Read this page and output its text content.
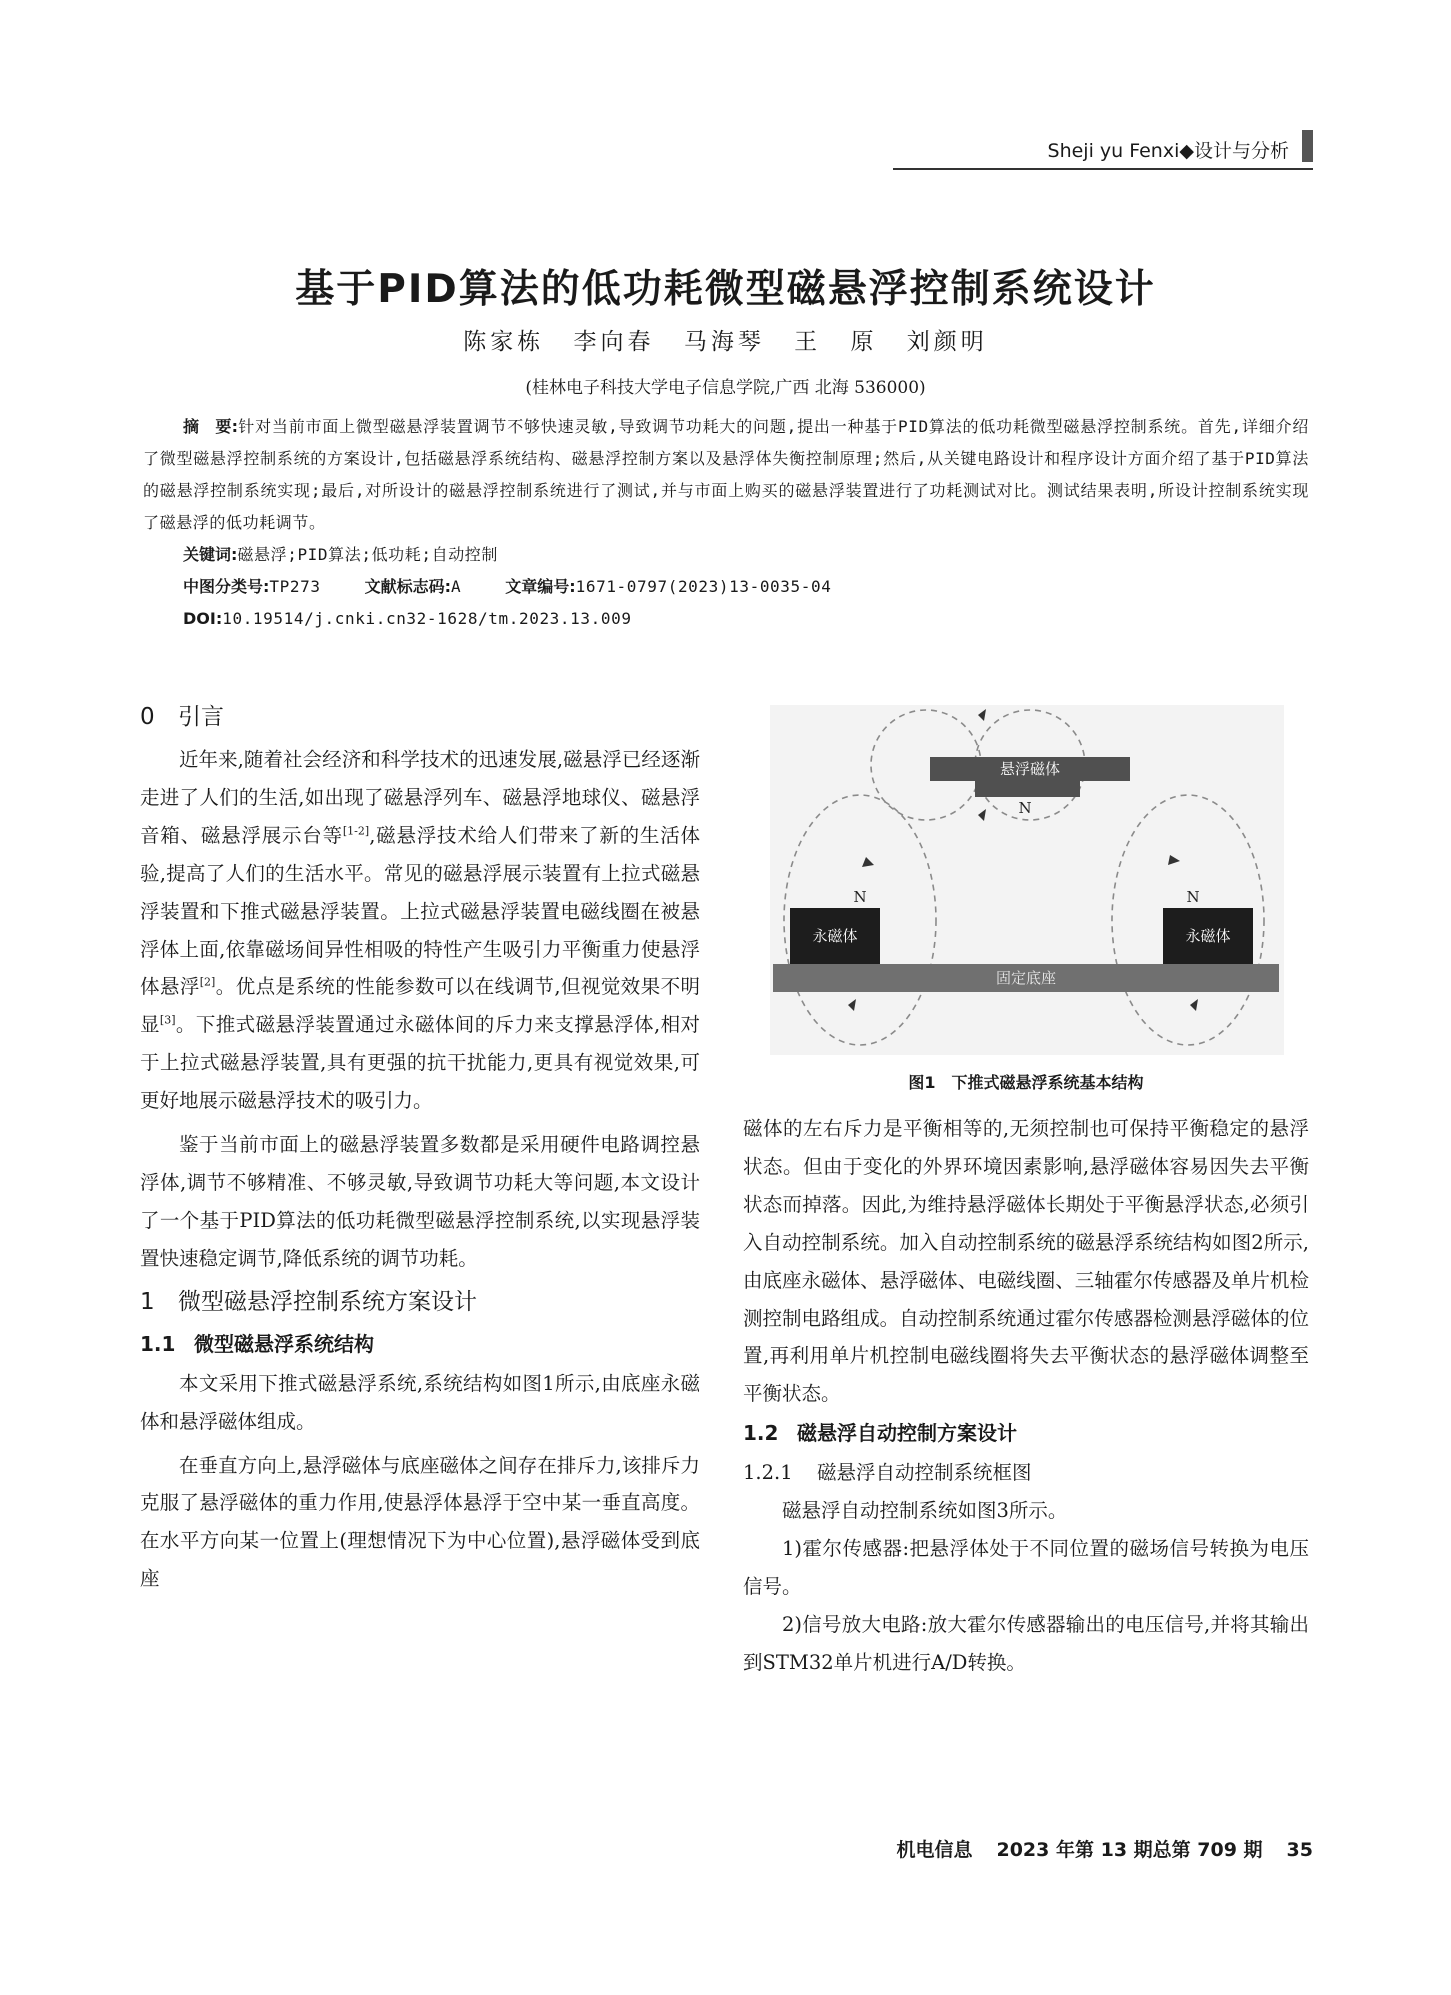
Sheji yu Fenxi◆设计与分析
基于PID算法的低功耗微型磁悬浮控制系统设计
陈家栋 李向春 马海琴 王 原 刘颜明
(桂林电子科技大学电子信息学院,广西 北海 536000)
摘　要:针对当前市面上微型磁悬浮装置调节不够快速灵敏,导致调节功耗大的问题,提出一种基于PID算法的低功耗微型磁悬浮控制系统。首先,详细介绍了微型磁悬浮控制系统的方案设计,包括磁悬浮系统结构、磁悬浮控制方案以及悬浮体失衡控制原理;然后,从关键电路设计和程序设计方面介绍了基于PID算法的磁悬浮控制系统实现;最后,对所设计的磁悬浮控制系统进行了测试,并与市面上购买的磁悬浮装置进行了功耗测试对比。测试结果表明,所设计控制系统实现了磁悬浮的低功耗调节。
关键词:磁悬浮;PID算法;低功耗;自动控制
中图分类号:TP273	文献标志码:A	文章编号:1671-0797(2023)13-0035-04
DOI:10.19514/j.cnki.cn32-1628/tm.2023.13.009
0 引言

近年来,随着社会经济和科学技术的迅速发展,磁悬浮已经逐渐走进了人们的生活,如出现了磁悬浮列车、磁悬浮地球仪、磁悬浮音箱、磁悬浮展示台等[1-2],磁悬浮技术给人们带来了新的生活体验,提高了人们的生活水平。常见的磁悬浮展示装置有上拉式磁悬浮装置和下推式磁悬浮装置。上拉式磁悬浮装置电磁线圈在被悬浮体上面,依靠磁场间异性相吸的特性产生吸引力平衡重力使悬浮体悬浮[2]。优点是系统的性能参数可以在线调节,但视觉效果不明显[3]。下推式磁悬浮装置通过永磁体间的斥力来支撑悬浮体,相对于上拉式磁悬浮装置,具有更强的抗干扰能力,更具有视觉效果,可更好地展示磁悬浮技术的吸引力。

鉴于当前市面上的磁悬浮装置多数都是采用硬件电路调控悬浮体,调节不够精准、不够灵敏,导致调节功耗大等问题,本文设计了一个基于PID算法的低功耗微型磁悬浮控制系统,以实现悬浮装置快速稳定调节,降低系统的调节功耗。

1 微型磁悬浮控制系统方案设计
1.1 微型磁悬浮系统结构

本文采用下推式磁悬浮系统,系统结构如图1所示,由底座永磁体和悬浮磁体组成。

在垂直方向上,悬浮磁体与底座磁体之间存在排斥力,该排斥力克服了悬浮磁体的重力作用,使悬浮体悬浮于空中某一垂直高度。在水平方向某一位置上(理想情况下为中心位置),悬浮磁体受到底座

悬浮磁体
N
N	N
永磁体	永磁体
固定底座
图1　下推式磁悬浮系统基本结构

磁体的左右斥力是平衡相等的,无须控制也可保持平衡稳定的悬浮状态。但由于变化的外界环境因素影响,悬浮磁体容易因失去平衡状态而掉落。因此,为维持悬浮磁体长期处于平衡悬浮状态,必须引入自动控制系统。加入自动控制系统的磁悬浮系统结构如图2所示,由底座永磁体、悬浮磁体、电磁线圈、三轴霍尔传感器及单片机检测控制电路组成。自动控制系统通过霍尔传感器检测悬浮磁体的位置,再利用单片机控制电磁线圈将失去平衡状态的悬浮磁体调整至平衡状态。

1.2 磁悬浮自动控制方案设计
1.2.1 磁悬浮自动控制系统框图

磁悬浮自动控制系统如图3所示。

1)霍尔传感器:把悬浮体处于不同位置的磁场信号转换为电压信号。

2)信号放大电路:放大霍尔传感器输出的电压信号,并将其输出到STM32单片机进行A/D转换。

机电信息 2023 年第 13 期总第 709 期 35
